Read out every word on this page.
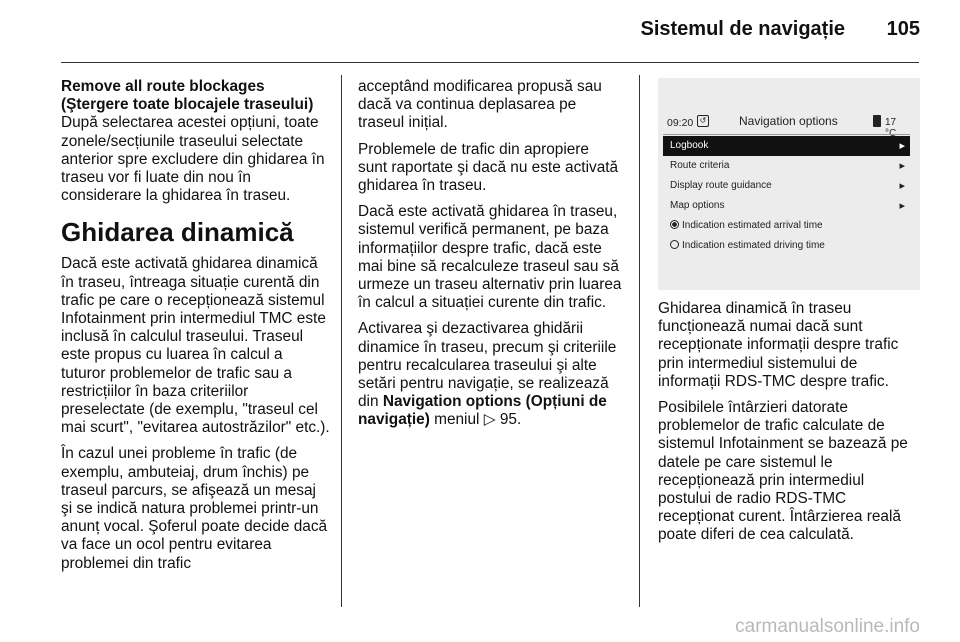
Sistemul de navigație 105

Remove all route blockages
(Ştergere toate blocajele traseului)
După selectarea acestei opțiuni, toate zonele/secțiunile traseului selectate anterior spre excludere din ghidarea în traseu vor fi luate din nou în considerare la ghidarea în traseu.

Ghidarea dinamică

Dacă este activată ghidarea dinamică în traseu, întreaga situație curentă din trafic pe care o recepționează sistemul Infotainment prin intermediul TMC este inclusă în calculul traseului. Traseul este propus cu luarea în calcul a tuturor problemelor de trafic sau a restricțiilor în baza criteriilor preselectate (de exemplu, "traseul cel mai scurt", "evitarea autostrăzilor" etc.).

În cazul unei probleme în trafic (de exemplu, ambuteiaj, drum închis) pe traseul parcurs, se afişează un mesaj şi se indică natura problemei printr-un anunț vocal. Şoferul poate decide dacă va face un ocol pentru evitarea problemei din trafic

acceptând modificarea propusă sau dacă va continua deplasarea pe traseul inițial.

Problemele de trafic din apropiere sunt raportate şi dacă nu este activată ghidarea în traseu.

Dacă este activată ghidarea în traseu, sistemul verifică permanent, pe baza informațiilor despre trafic, dacă este mai bine să recalculeze traseul sau să urmeze un traseu alternativ prin luarea în calcul a situației curente din trafic.

Activarea şi dezactivarea ghidării dinamice în traseu, precum şi criteriile pentru recalcularea traseului şi alte setări pentru navigație, se realizează din Navigation options (Opțiuni de navigație) meniul ▷ 95.

09:20 ↺	Navigation options	17
Logbook	▸
Route criteria	▸
Display route guidance	▸
Map options	▸
Indication estimated arrival time
Indication estimated driving time

Ghidarea dinamică în traseu funcționează numai dacă sunt recepționate informații despre trafic prin intermediul sistemului de informații RDS-TMC despre trafic.

Posibilele întârzieri datorate problemelor de trafic calculate de sistemul Infotainment se bazează pe datele pe care sistemul le recepționează prin intermediul postului de radio RDS-TMC recepționat curent. Întârzierea reală poate diferi de cea calculată.

carmanualsonline.info
